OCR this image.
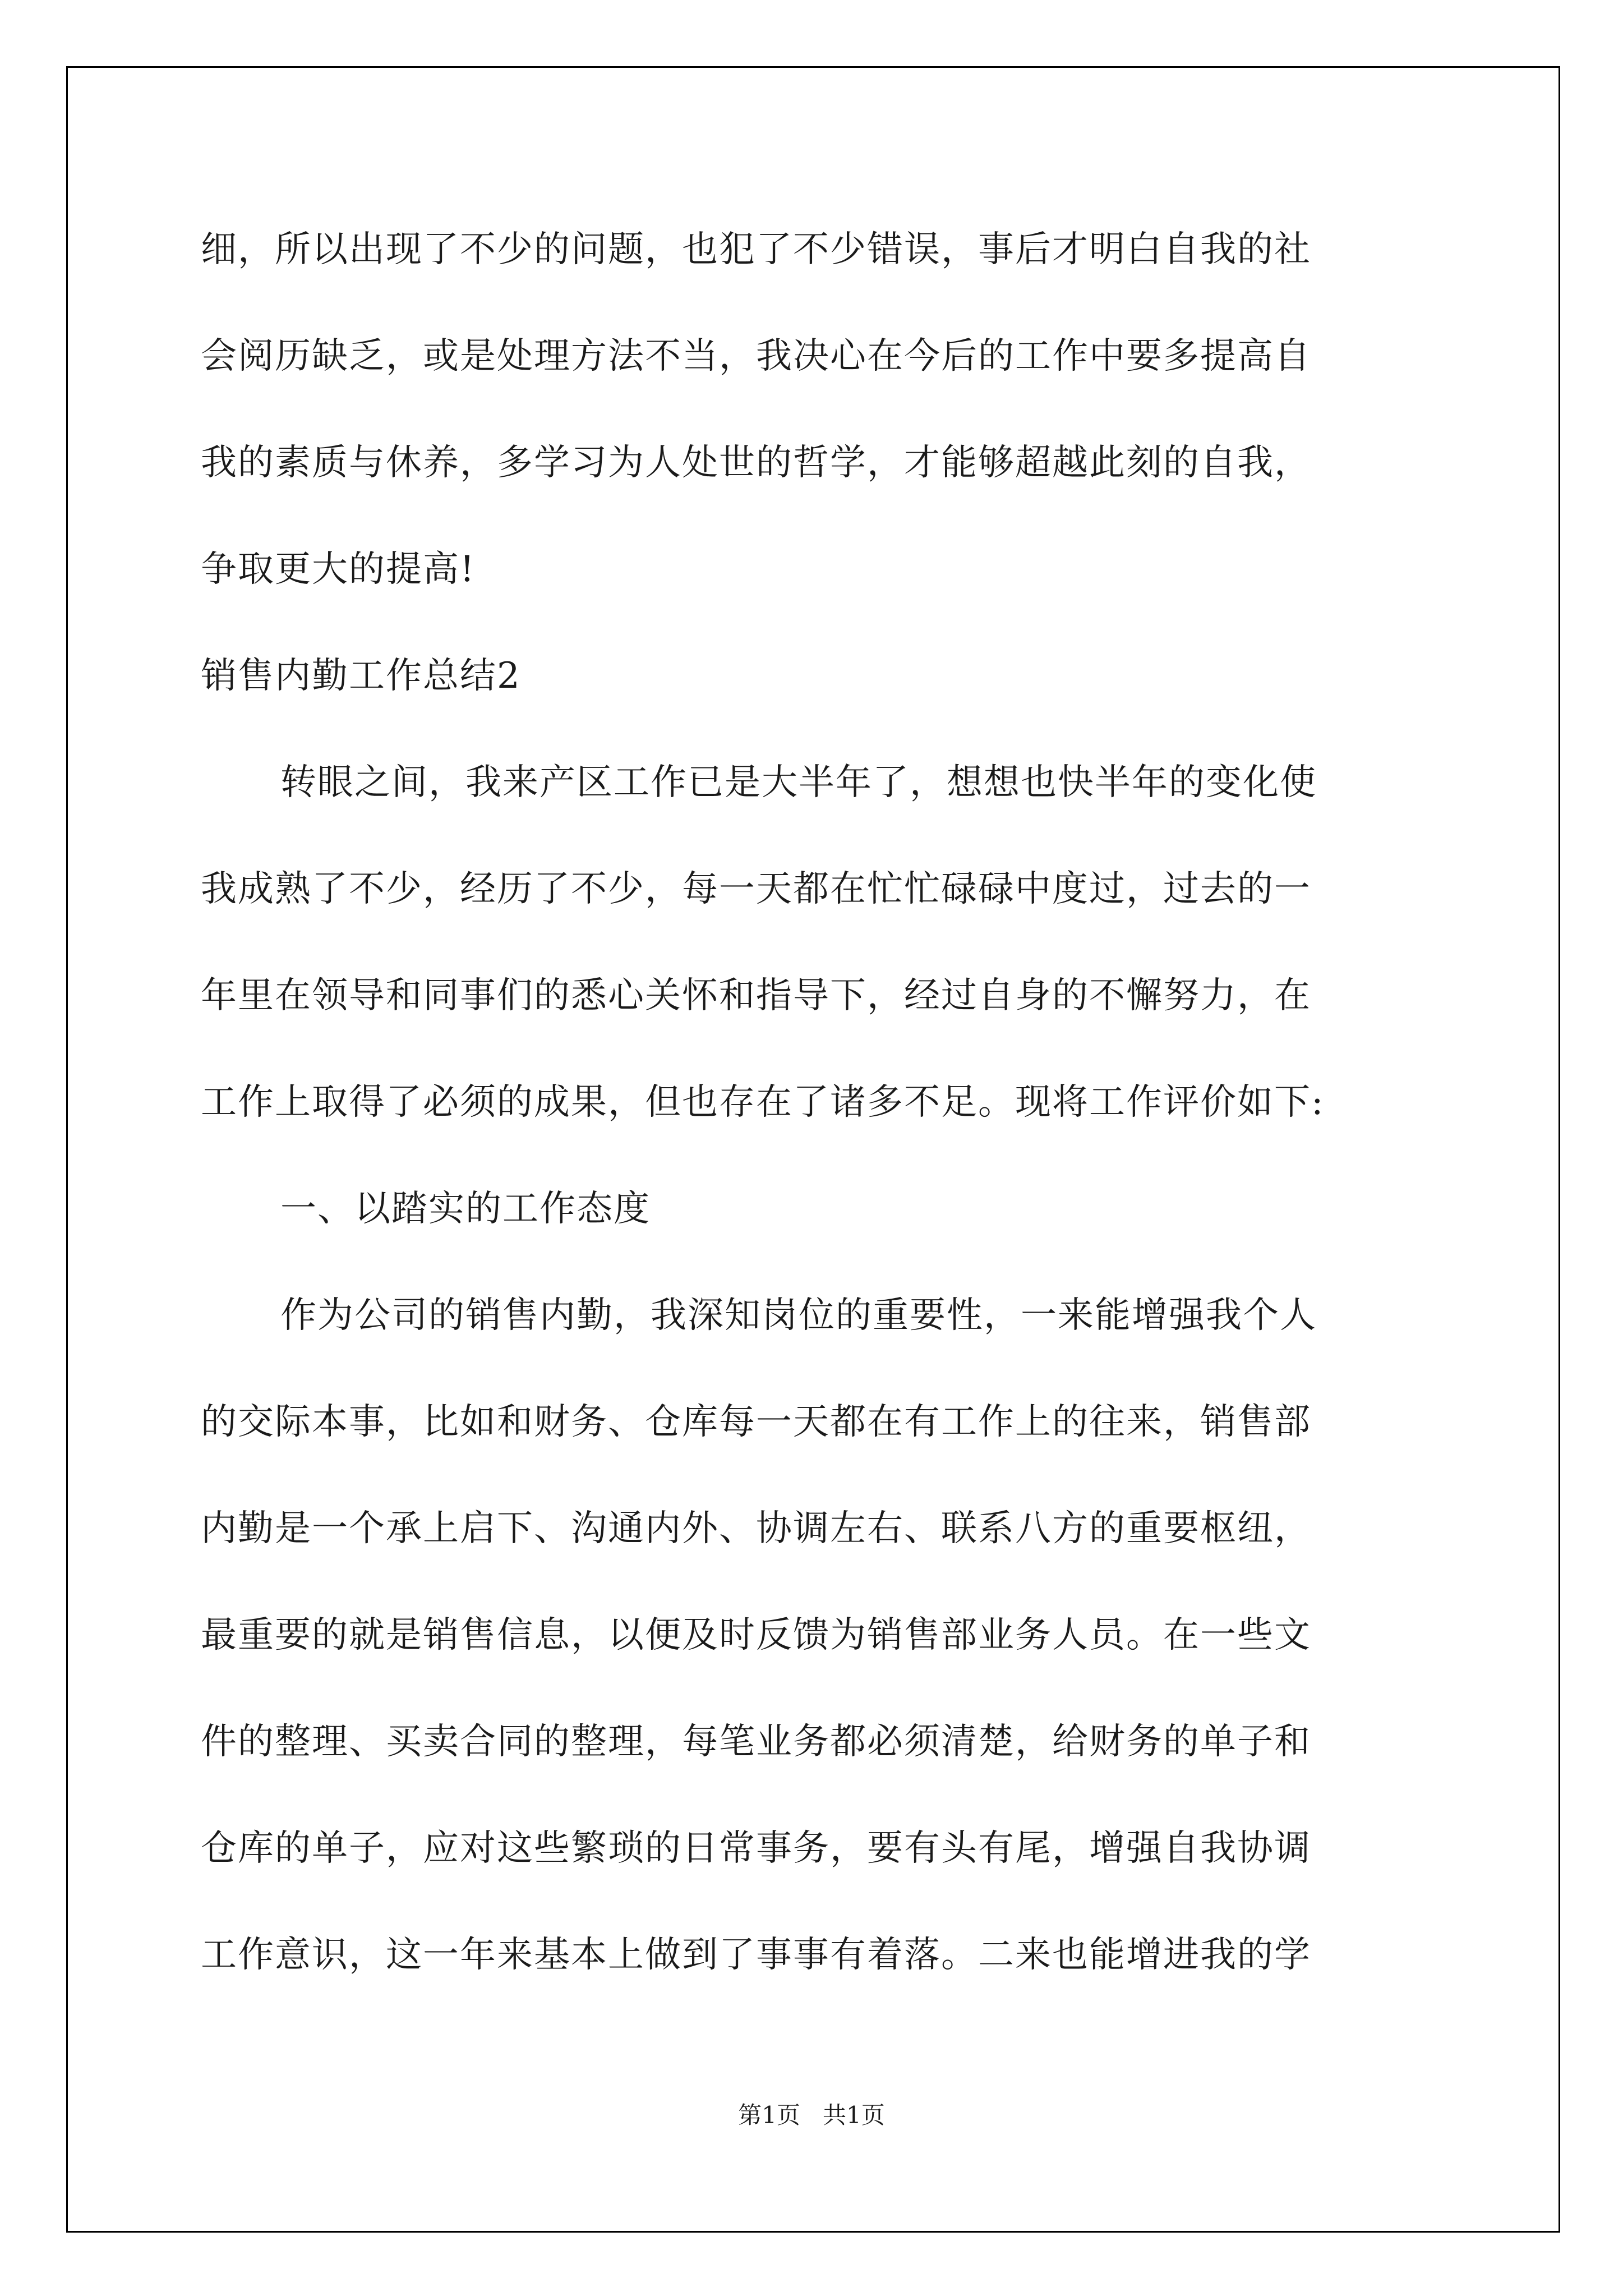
细，所以出现了不少的问题，也犯了不少错误，事后才明白自我的社
会阅历缺乏，或是处理方法不当，我决心在今后的工作中要多提高自
我的素质与休养，多学习为人处世的哲学，才能够超越此刻的自我，
争取更大的提高!
销售内勤工作总结2
转眼之间，我来产区工作已是大半年了，想想也快半年的变化使
我成熟了不少，经历了不少，每一天都在忙忙碌碌中度过，过去的一
年里在领导和同事们的悉心关怀和指导下，经过自身的不懈努力，在
工作上取得了必须的成果，但也存在了诸多不足。现将工作评价如下:
一、以踏实的工作态度
作为公司的销售内勤，我深知岗位的重要性，一来能增强我个人
的交际本事，比如和财务、仓库每一天都在有工作上的往来，销售部
内勤是一个承上启下、沟通内外、协调左右、联系八方的重要枢纽，
最重要的就是销售信息，以便及时反馈为销售部业务人员。在一些文
件的整理、买卖合同的整理，每笔业务都必须清楚，给财务的单子和
仓库的单子，应对这些繁琐的日常事务，要有头有尾，增强自我协调
工作意识，这一年来基本上做到了事事有着落。二来也能增进我的学
第1页   共1页
